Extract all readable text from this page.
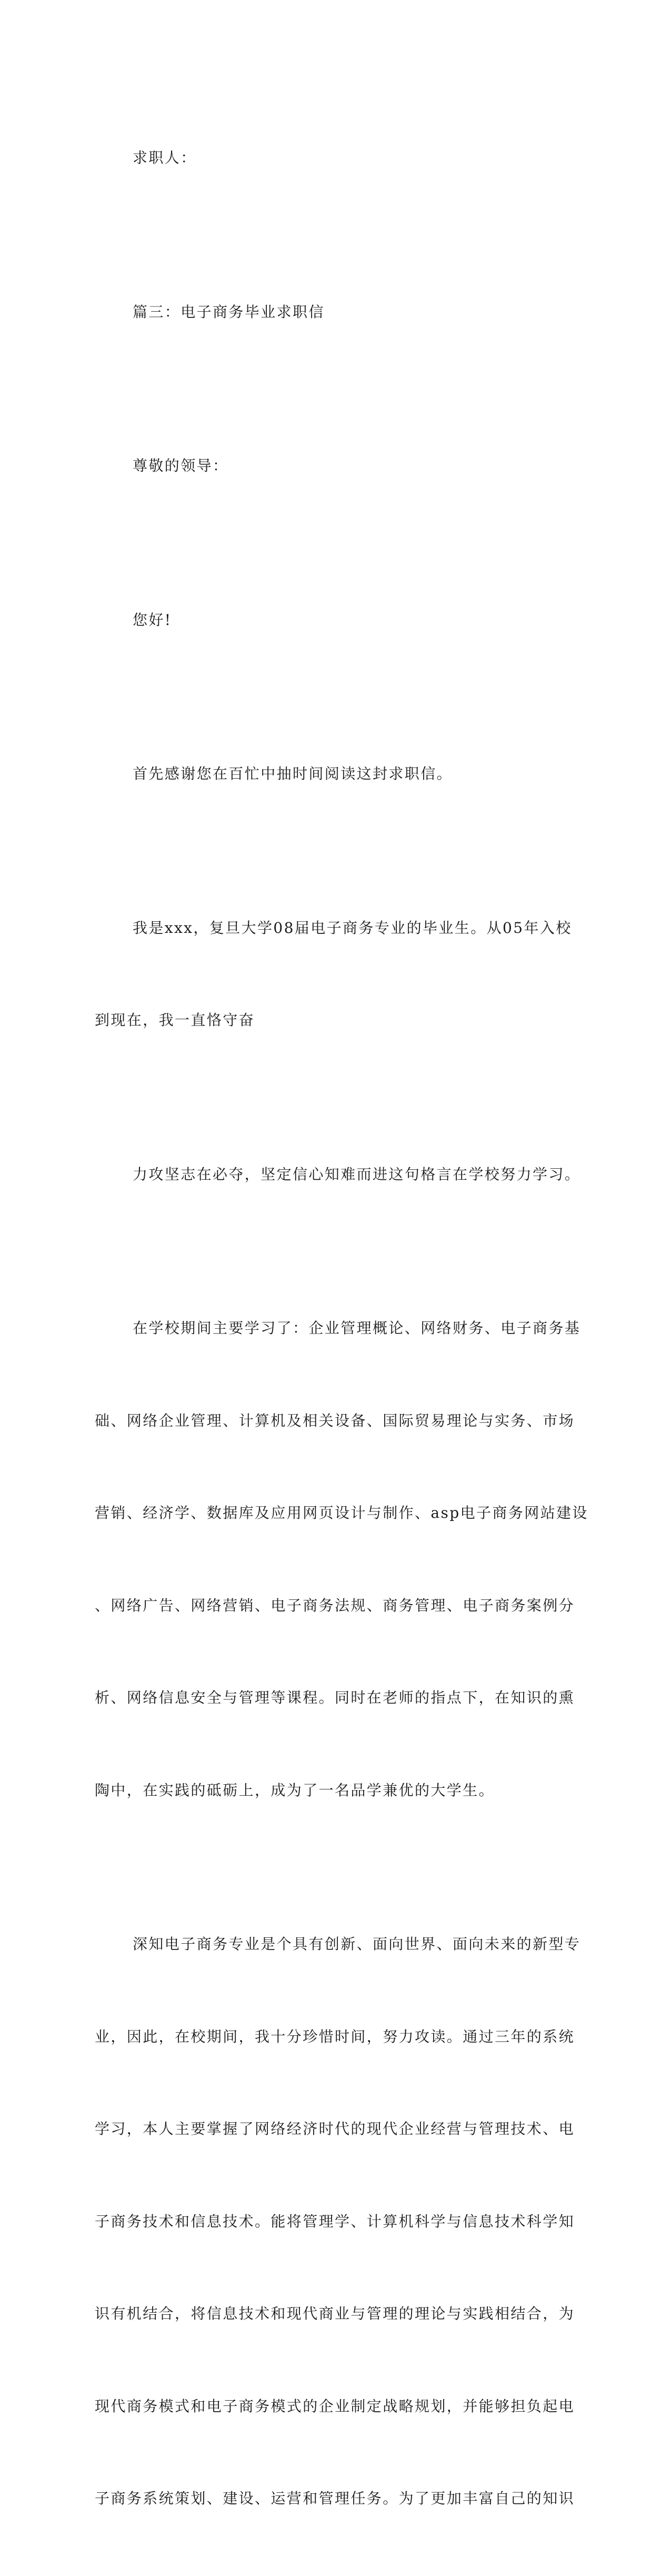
求职人：

篇三：电子商务毕业求职信

尊敬的领导：

您好!

首先感谢您在百忙中抽时间阅读这封求职信。

我是xxx，复旦大学08届电子商务专业的毕业生。从05年入校

到现在，我一直恪守奋

力攻坚志在必夺，坚定信心知难而进这句格言在学校努力学习。

在学校期间主要学习了：企业管理概论、网络财务、电子商务基

础、网络企业管理、计算机及相关设备、国际贸易理论与实务、市场

营销、经济学、数据库及应用网页设计与制作、asp电子商务网站建设

、网络广告、网络营销、电子商务法规、商务管理、电子商务案例分

析、网络信息安全与管理等课程。同时在老师的指点下，在知识的熏

陶中，在实践的砥砺上，成为了一名品学兼优的大学生。

深知电子商务专业是个具有创新、面向世界、面向未来的新型专

业，因此，在校期间，我十分珍惜时间，努力攻读。通过三年的系统

学习，本人主要掌握了网络经济时代的现代企业经营与管理技术、电

子商务技术和信息技术。能将管理学、计算机科学与信息技术科学知

识有机结合，将信息技术和现代商业与管理的理论与实践相结合，为

现代商务模式和电子商务模式的企业制定战略规划，并能够担负起电

子商务系统策划、建设、运营和管理任务。为了更加丰富自己的知识
